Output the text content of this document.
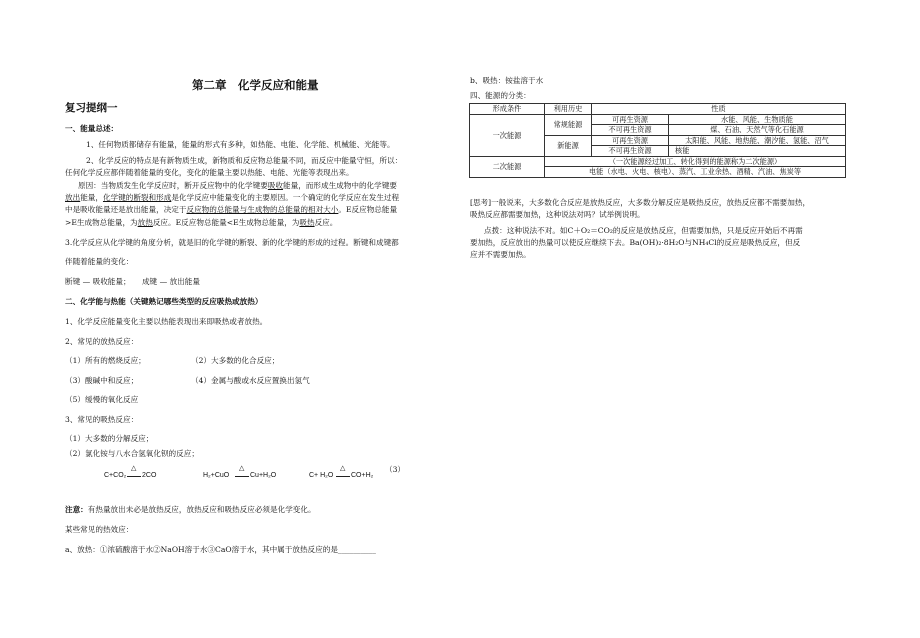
第二章　化学反应和能量
复习提纲一
一、能量总述：
1、任何物质都储存有能量，能量的形式有多种，如热能、电能、化学能、机械能、光能等。
2、化学反应的特点是有新物质生成，新物质和反应物总能量不同，而反应中能量守恒，所以：
任何化学反应都伴随着能量的变化，变化的能量主要以热能、电能、光能等表现出来。
原因：当物质发生化学反应时，断开反应物中的化学键要吸收能量，而形成生成物中的化学键要
放出能量，化学键的断裂和形成是化学反应中能量变化的主要原因。一个确定的化学反应在发生过程
中是吸收能量还是放出能量，决定于反应物的总能量与生成物的总能量的相对大小。E反应物总能量
>E生成物总能量，为放热反应。E反应物总能量<E生成物总能量，为吸热反应。
3.化学反应从化学键的角度分析，就是旧的化学键的断裂、新的化学键的形成的过程。断键和成键都
伴随着能量的变化：
断键 — 吸收能量；　　成键 — 放出能量
二、化学能与热能（关键熟记哪些类型的反应吸热或放热）
1、化学反应能量变化主要以热能表现出来即吸热或者放热。
2、常见的放热反应：
（1）所有的燃烧反应；	（2）大多数的化合反应；
（3）酸碱中和反应；	（4）金属与酸或水反应置换出氢气
（5）缓慢的氧化反应
3、常见的吸热反应：
（1）大多数的分解反应；
（2）氯化铵与八水合氢氧化钡的反应；
C+CO₂
△
2CO	H₂+CuO
△
Cu+H₂O	C+ H₂O
△
CO+H₂
（3）
注意：有热量放出未必是放热反应，放热反应和吸热反应必须是化学变化。
某些常见的热效应：
a、放热：①浓硫酸溶于水②NaOH溶于水③CaO溶于水，其中属于放热反应的是__________
b、吸热：铵盐溶于水
四、能源的分类：
形成条件	利用历史	性质	
一次能源	常规能源	可再生资源	水能、风能、生物质能
		不可再生资源	煤、石油、天然气等化石能源
	新能源	可再生资源	太阳能、风能、地热能、潮汐能、氢能、沼气
		不可再生资源	核能
二次能源	（一次能源经过加工、转化得到的能源称为二次能源）		
	电能（水电、火电、核电）、蒸汽、工业余热、酒精、汽油、焦炭等		
[思考]一般说来，大多数化合反应是放热反应，大多数分解反应是吸热反应，放热反应都不需要加热，
吸热反应都需要加热，这种说法对吗？试举例说明。
点拨：这种说法不对。如C＋O₂＝CO₂的反应是放热反应，但需要加热，只是反应开始后不再需
要加热，反应放出的热量可以使反应继续下去。Ba(OH)₂·8H₂O与NH₄Cl的反应是吸热反应，但反
应并不需要加热。
